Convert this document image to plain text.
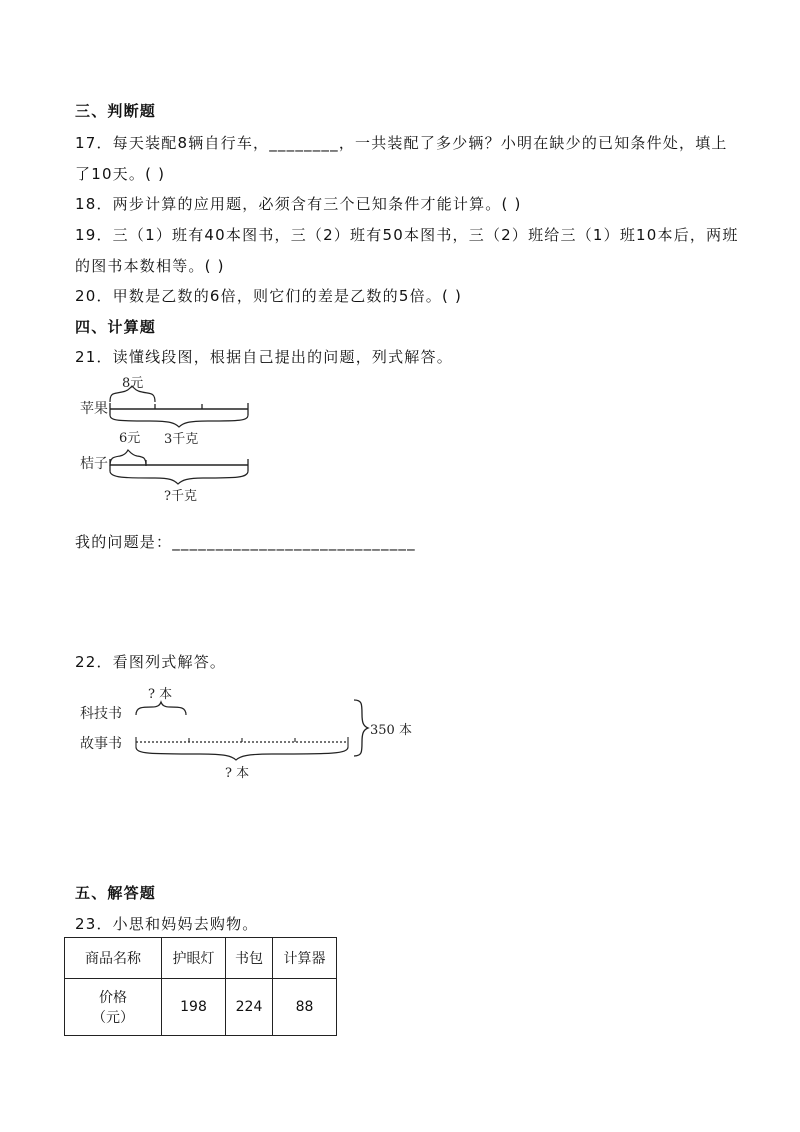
三、判断题
17．每天装配8辆自行车，________，一共装配了多少辆？小明在缺少的已知条件处，填上
了10天。( )
18．两步计算的应用题，必须含有三个已知条件才能计算。( )
19．三（1）班有40本图书，三（2）班有50本图书，三（2）班给三（1）班10本后，两班
的图书本数相等。( )
20．甲数是乙数的6倍，则它们的差是乙数的5倍。( )
四、计算题
21．读懂线段图，根据自己提出的问题，列式解答。
8元
苹果
3千克
6元
桔子
?千克
我的问题是：____________________________
22．看图列式解答。
? 本
科技书
故事书
? 本
350 本
五、解答题
23．小思和妈妈去购物。
商品名称	护眼灯	书包	计算器

价格
（元）	198	224	88
